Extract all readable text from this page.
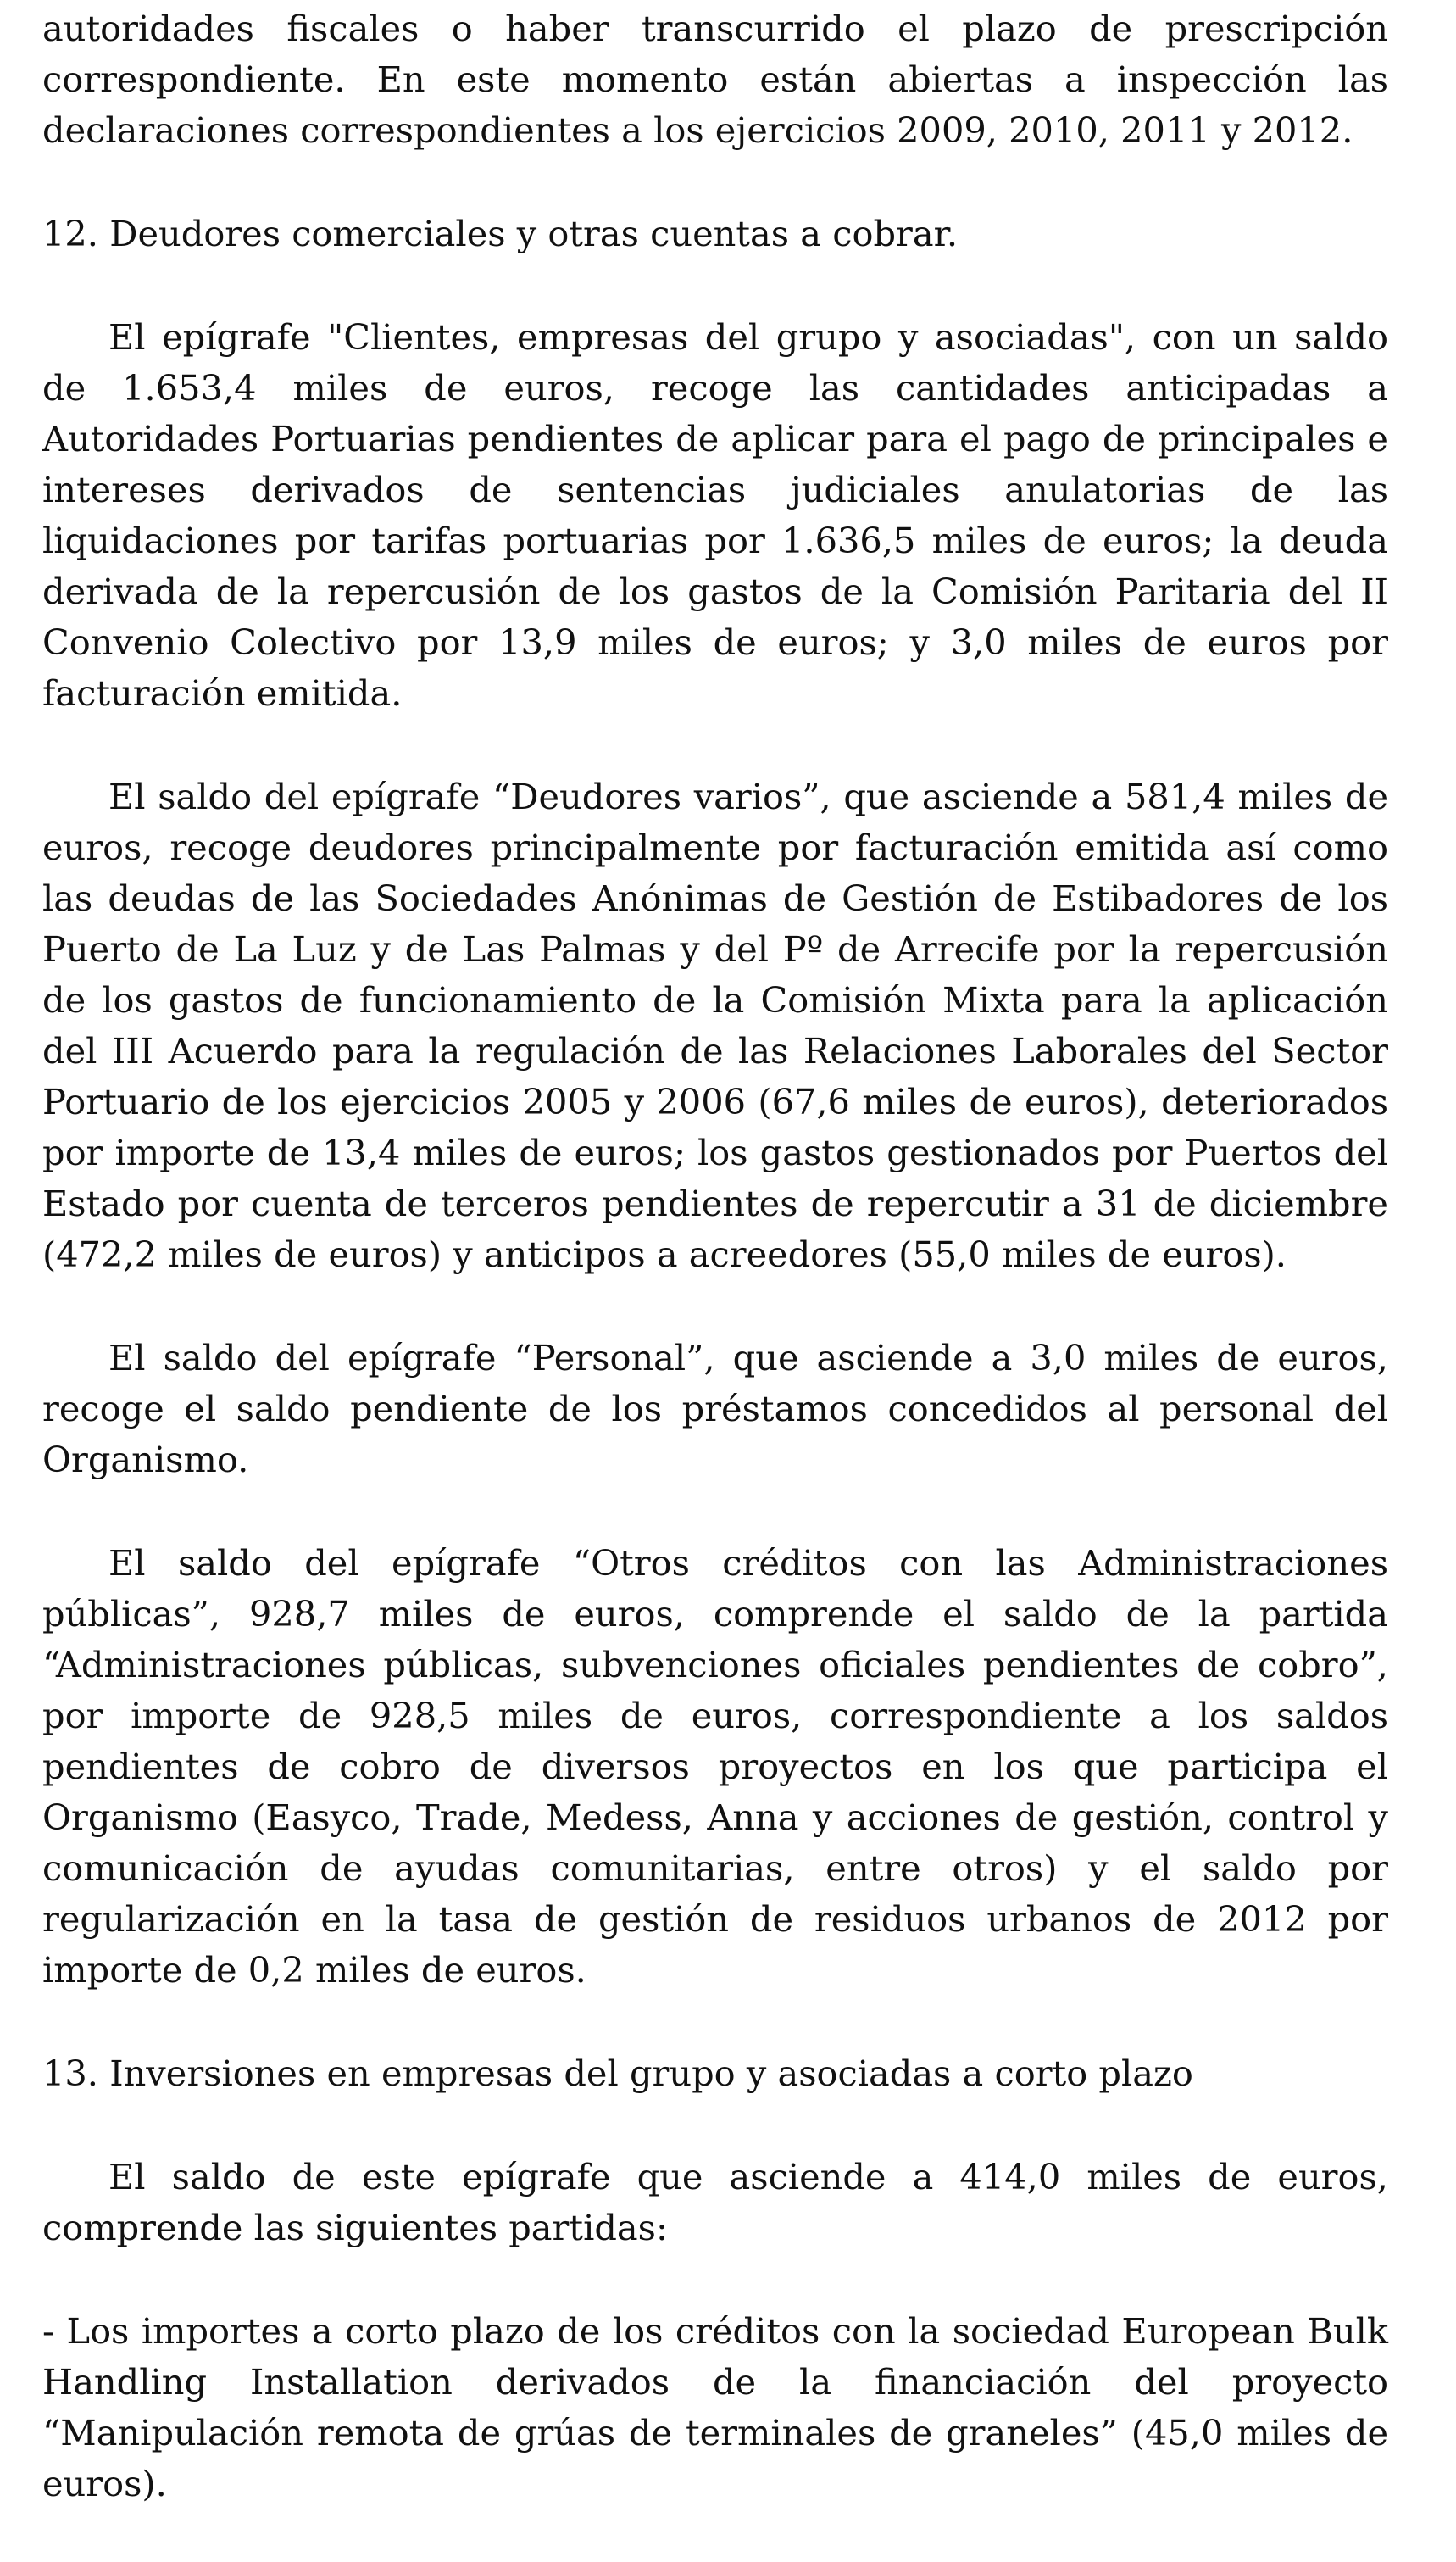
autoridades fiscales o haber transcurrido el plazo de prescripción correspondiente. En este momento están abiertas a inspección las declaraciones correspondientes a los ejercicios 2009, 2010, 2011 y 2012.

12. Deudores comerciales y otras cuentas a cobrar.

El epígrafe "Clientes, empresas del grupo y asociadas", con un saldo de 1.653,4 miles de euros, recoge las cantidades anticipadas a Autoridades Portuarias pendientes de aplicar para el pago de principales e intereses derivados de sentencias judiciales anulatorias de las liquidaciones por tarifas portuarias por 1.636,5 miles de euros; la deuda derivada de la repercusión de los gastos de la Comisión Paritaria del II Convenio Colectivo por 13,9 miles de euros; y 3,0 miles de euros por facturación emitida.

El saldo del epígrafe “Deudores varios”, que asciende a 581,4 miles de euros, recoge deudores principalmente por facturación emitida así como las deudas de las Sociedades Anónimas de Gestión de Estibadores de los Puerto de La Luz y de Las Palmas y del Pº de Arrecife por la repercusión de los gastos de funcionamiento de la Comisión Mixta para la aplicación del III Acuerdo para la regulación de las Relaciones Laborales del Sector Portuario de los ejercicios 2005 y 2006 (67,6 miles de euros), deteriorados por importe de 13,4 miles de euros; los gastos gestionados por Puertos del Estado por cuenta de terceros pendientes de repercutir a 31 de diciembre (472,2 miles de euros) y anticipos a acreedores (55,0 miles de euros).

El saldo del epígrafe “Personal”, que asciende a 3,0 miles de euros, recoge el saldo pendiente de los préstamos concedidos al personal del Organismo.

El saldo del epígrafe “Otros créditos con las Administraciones públicas”, 928,7 miles de euros, comprende el saldo de la partida “Administraciones públicas, subvenciones oficiales pendientes de cobro”, por importe de 928,5 miles de euros, correspondiente a los saldos pendientes de cobro de diversos proyectos en los que participa el Organismo (Easyco, Trade, Medess, Anna y acciones de gestión, control y comunicación de ayudas comunitarias, entre otros) y el saldo por regularización en la tasa de gestión de residuos urbanos de 2012 por importe de 0,2 miles de euros.

13. Inversiones en empresas del grupo y asociadas a corto plazo

El saldo de este epígrafe que asciende a 414,0 miles de euros, comprende las siguientes partidas:

- Los importes a corto plazo de los créditos con la sociedad European Bulk Handling Installation derivados de la financiación del proyecto “Manipulación remota de grúas de terminales de graneles” (45,0 miles de euros).
